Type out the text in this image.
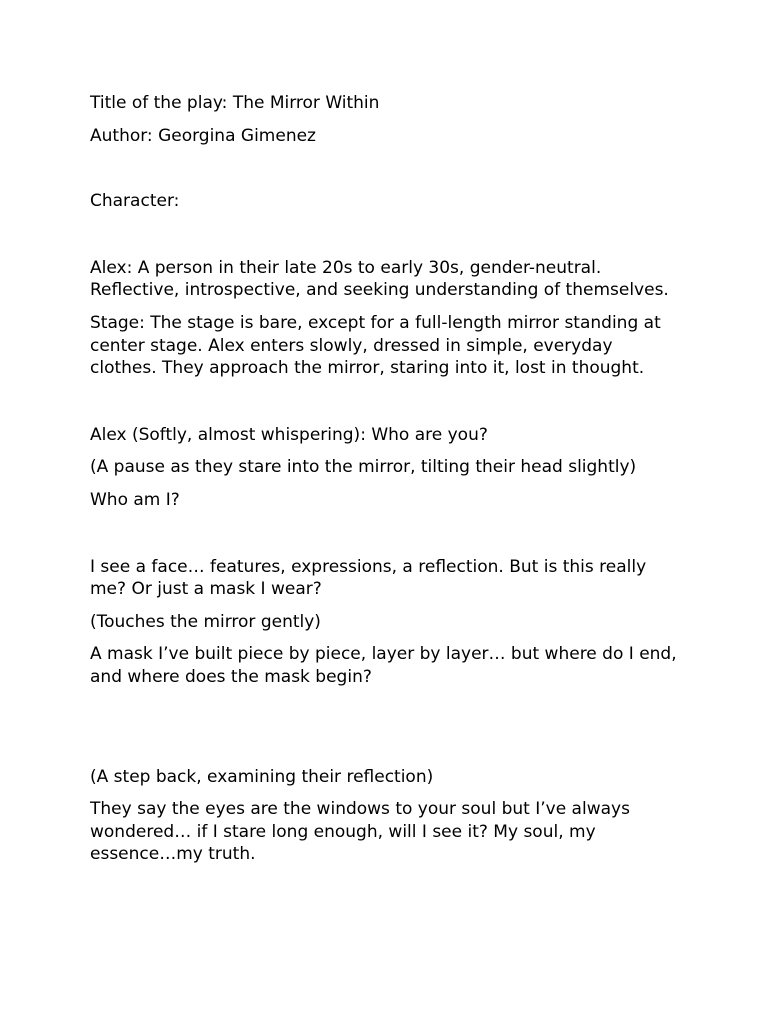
Title of the play: The Mirror Within

Author: Georgina Gimenez

Character:

Alex: A person in their late 20s to early 30s, gender-neutral. Reflective, introspective, and seeking understanding of themselves.

Stage: The stage is bare, except for a full-length mirror standing at center stage. Alex enters slowly, dressed in simple, everyday clothes. They approach the mirror, staring into it, lost in thought.

Alex (Softly, almost whispering): Who are you?

(A pause as they stare into the mirror, tilting their head slightly)

Who am I?

I see a face… features, expressions, a reflection. But is this really me? Or just a mask I wear?

(Touches the mirror gently)

A mask I’ve built piece by piece, layer by layer… but where do I end, and where does the mask begin?

(A step back, examining their reflection)

They say the eyes are the windows to your soul but I’ve always wondered… if I stare long enough, will I see it? My soul, my essence…my truth.
